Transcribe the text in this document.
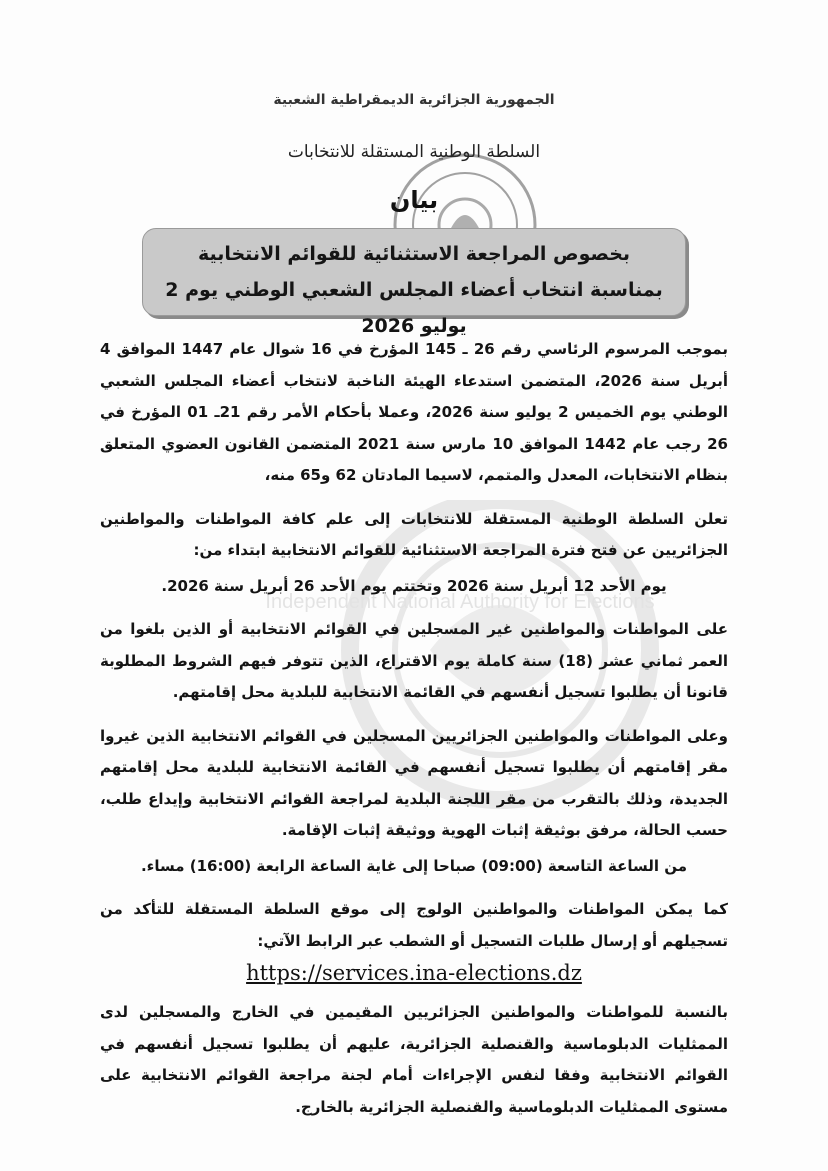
Independent National Authority for Elections
الجمهورية الجزائرية الديمقراطية الشعبية
السلطة الوطنية المستقلة للانتخابات
بيان
بخصوص المراجعة الاستثنائية للقوائم الانتخابية
بمناسبة انتخاب أعضاء المجلس الشعبي الوطني يوم 2 يوليو 2026

بموجب المرسوم الرئاسي رقم 26 ـ 145 المؤرخ في 16 شوال عام 1447 الموافق 4 أبريل سنة 2026، المتضمن استدعاء الهيئة الناخبة لانتخاب أعضاء المجلس الشعبي الوطني يوم الخميس 2 يوليو سنة 2026، وعملا بأحكام الأمر رقم 21ـ 01 المؤرخ في 26 رجب عام 1442 الموافق 10 مارس سنة 2021 المتضمن القانون العضوي المتعلق بنظام الانتخابات، المعدل والمتمم، لاسيما المادتان 62 و65 منه،

تعلن السلطة الوطنية المستقلة للانتخابات إلى علم كافة المواطنات والمواطنين الجزائريين عن فتح فترة المراجعة الاستثنائية للقوائم الانتخابية ابتداء من:

يوم الأحد 12 أبريل سنة 2026 وتختتم يوم الأحد 26 أبريل سنة 2026.

على المواطنات والمواطنين غير المسجلين في القوائم الانتخابية أو الذين بلغوا من العمر ثماني عشر (18) سنة كاملة يوم الاقتراع، الذين تتوفر فيهم الشروط المطلوبة قانونا أن يطلبوا تسجيل أنفسهم في القائمة الانتخابية للبلدية محل إقامتهم.

وعلى المواطنات والمواطنين الجزائريين المسجلين في القوائم الانتخابية الذين غيروا مقر إقامتهم أن يطلبوا تسجيل أنفسهم في القائمة الانتخابية للبلدية محل إقامتهم الجديدة، وذلك بالتقرب من مقر اللجنة البلدية لمراجعة القوائم الانتخابية وإيداع طلب، حسب الحالة، مرفق بوثيقة إثبات الهوية ووثيقة إثبات الإقامة.

من الساعة التاسعة (09:00) صباحا إلى غاية الساعة الرابعة (16:00) مساء.

كما يمكن المواطنات والمواطنين الولوج إلى موقع السلطة المستقلة للتأكد من تسجيلهم أو إرسال طلبات التسجيل أو الشطب عبر الرابط الآتي:

https://services.ina-elections.dz

بالنسبة للمواطنات والمواطنين الجزائريين المقيمين في الخارج والمسجلين لدى الممثليات الدبلوماسية والقنصلية الجزائرية، عليهم أن يطلبوا تسجيل أنفسهم في القوائم الانتخابية وفقا لنفس الإجراءات أمام لجنة مراجعة القوائم الانتخابية على مستوى الممثليات الدبلوماسية والقنصلية الجزائرية بالخارج.
